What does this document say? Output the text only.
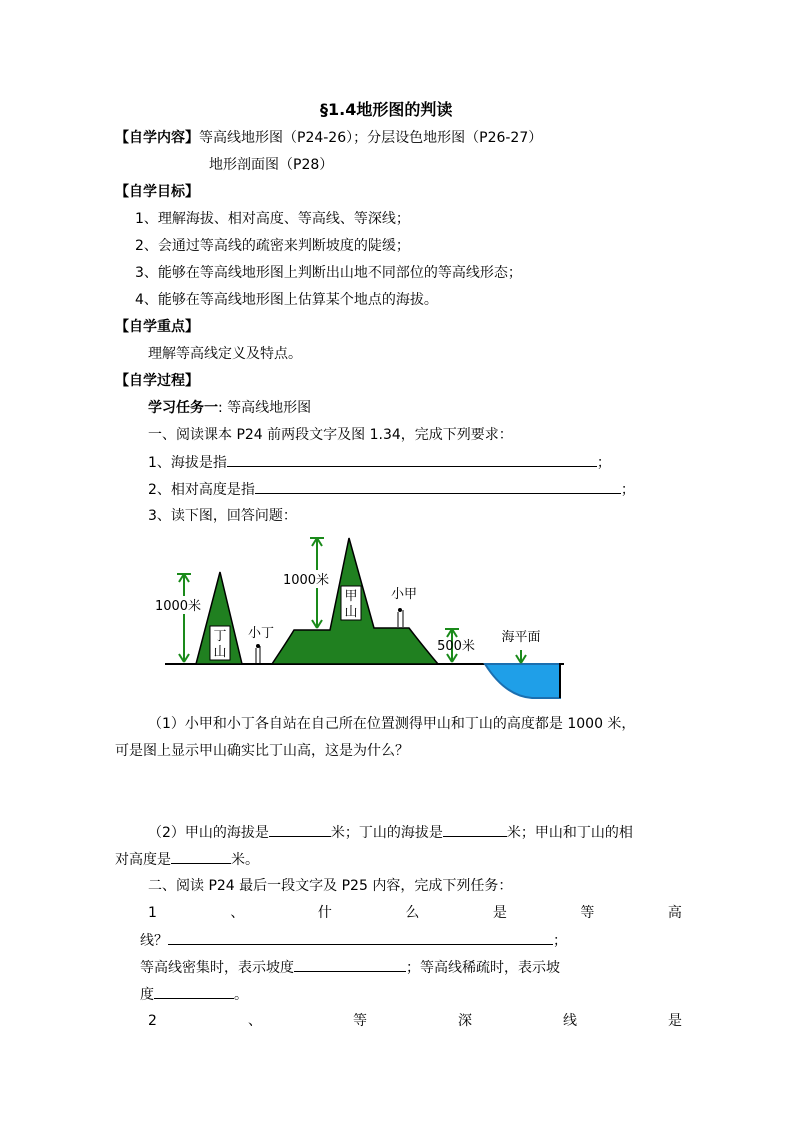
§1.4地形图的判读
【自学内容】等高线地形图（P24-26）；分层设色地形图（P26-27）
地形剖面图（P28）
【自学目标】
1、理解海拔、相对高度、等高线、等深线；
2、会通过等高线的疏密来判断坡度的陡缓；
3、能够在等高线地形图上判断出山地不同部位的等高线形态；
4、能够在等高线地形图上估算某个地点的海拔。
【自学重点】
理解等高线定义及特点。
【自学过程】
学习任务一: 等高线地形图
一、阅读课本 P24 前两段文字及图 1.34，完成下列要求：
1、海拔是指	；
2、相对高度是指	；
3、读下图，回答问题：
丁
山
甲
山
1000米
1000米
500米
小丁
小甲
海平面
（1）小甲和小丁各自站在自己所在位置测得甲山和丁山的高度都是 1000 米，
可是图上显示甲山确实比丁山高，这是为什么？
（2）甲山的海拔是	米；丁山的海拔是	米；甲山和丁山的相
对高度是	米。
二、阅读 P24 最后一段文字及 P25 内容，完成下列任务：
1	、	什	么	是	等	高
线？	；
等高线密集时，表示坡度	；等高线稀疏时，表示坡
度	。
2	、	等	深	线	是
